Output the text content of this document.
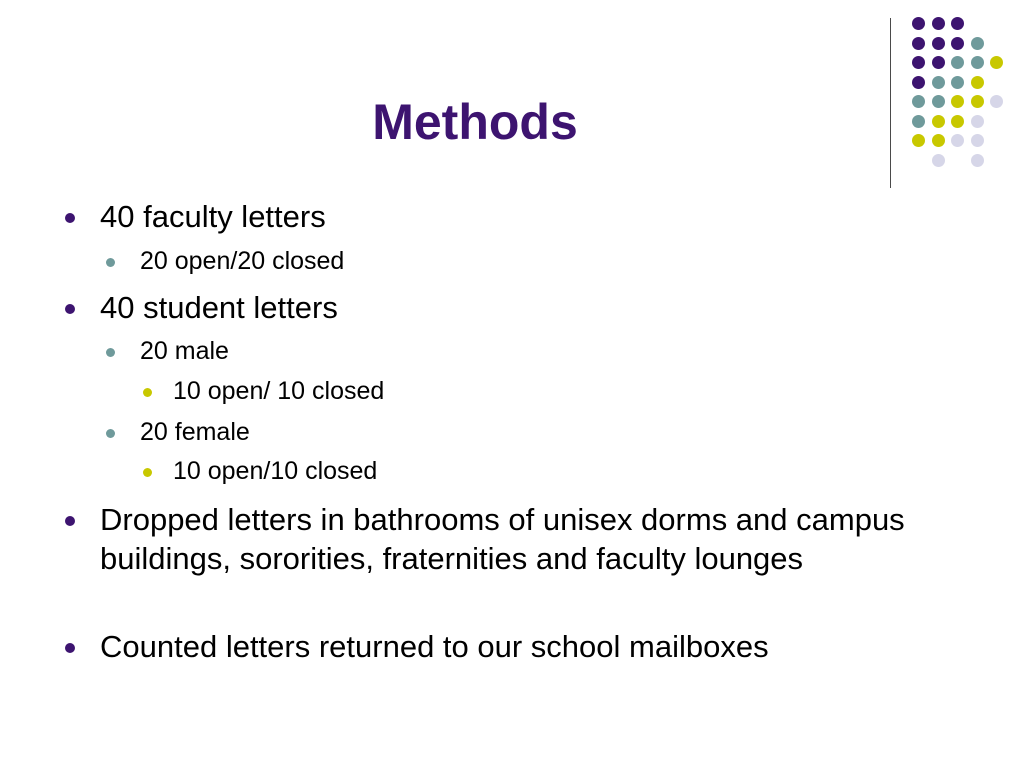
Methods
40 faculty letters
20 open/20 closed
40 student letters
20 male
10 open/ 10 closed
20 female
10 open/10 closed
Dropped letters in bathrooms of unisex dorms and campus buildings, sororities, fraternities and faculty lounges
Counted letters returned to our school mailboxes
